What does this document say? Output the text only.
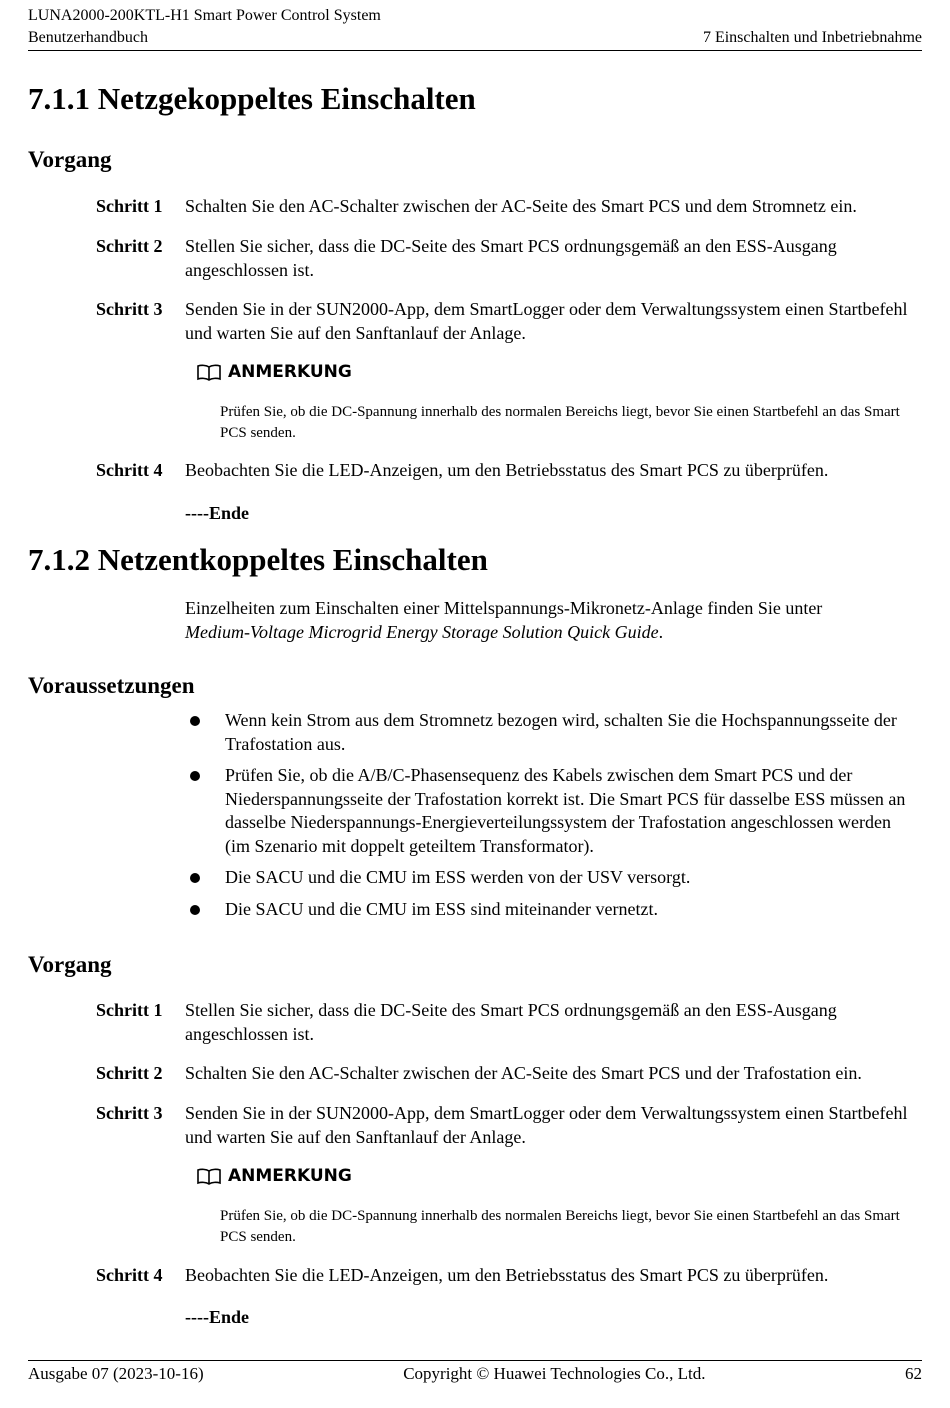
LUNA2000-200KTL-H1 Smart Power Control System
Benutzerhandbuch	7 Einschalten und Inbetriebnahme
7.1.1 Netzgekoppeltes Einschalten
Vorgang
Schritt 1	Schalten Sie den AC-Schalter zwischen der AC-Seite des Smart PCS und dem Stromnetz ein.
Schritt 2	Stellen Sie sicher, dass die DC-Seite des Smart PCS ordnungsgemäß an den ESS-Ausgang angeschlossen ist.
Schritt 3	Senden Sie in der SUN2000-App, dem SmartLogger oder dem Verwaltungssystem einen Startbefehl und warten Sie auf den Sanftanlauf der Anlage.
ANMERKUNG
Prüfen Sie, ob die DC-Spannung innerhalb des normalen Bereichs liegt, bevor Sie einen Startbefehl an das Smart PCS senden.
Schritt 4	Beobachten Sie die LED-Anzeigen, um den Betriebsstatus des Smart PCS zu überprüfen.
----Ende
7.1.2 Netzentkoppeltes Einschalten
Einzelheiten zum Einschalten einer Mittelspannungs-Mikronetz-Anlage finden Sie unter
Medium-Voltage Microgrid Energy Storage Solution Quick Guide.
Voraussetzungen
Wenn kein Strom aus dem Stromnetz bezogen wird, schalten Sie die Hochspannungsseite der Trafostation aus.
Prüfen Sie, ob die A/B/C-Phasensequenz des Kabels zwischen dem Smart PCS und der Niederspannungsseite der Trafostation korrekt ist. Die Smart PCS für dasselbe ESS müssen an dasselbe Niederspannungs-Energieverteilungssystem der Trafostation angeschlossen werden (im Szenario mit doppelt geteiltem Transformator).
Die SACU und die CMU im ESS werden von der USV versorgt.
Die SACU und die CMU im ESS sind miteinander vernetzt.
Vorgang
Schritt 1	Stellen Sie sicher, dass die DC-Seite des Smart PCS ordnungsgemäß an den ESS-Ausgang angeschlossen ist.
Schritt 2	Schalten Sie den AC-Schalter zwischen der AC-Seite des Smart PCS und der Trafostation ein.
Schritt 3	Senden Sie in der SUN2000-App, dem SmartLogger oder dem Verwaltungssystem einen Startbefehl und warten Sie auf den Sanftanlauf der Anlage.
ANMERKUNG
Prüfen Sie, ob die DC-Spannung innerhalb des normalen Bereichs liegt, bevor Sie einen Startbefehl an das Smart PCS senden.
Schritt 4	Beobachten Sie die LED-Anzeigen, um den Betriebsstatus des Smart PCS zu überprüfen.
----Ende
Ausgabe 07 (2023-10-16)	Copyright © Huawei Technologies Co., Ltd.	62
